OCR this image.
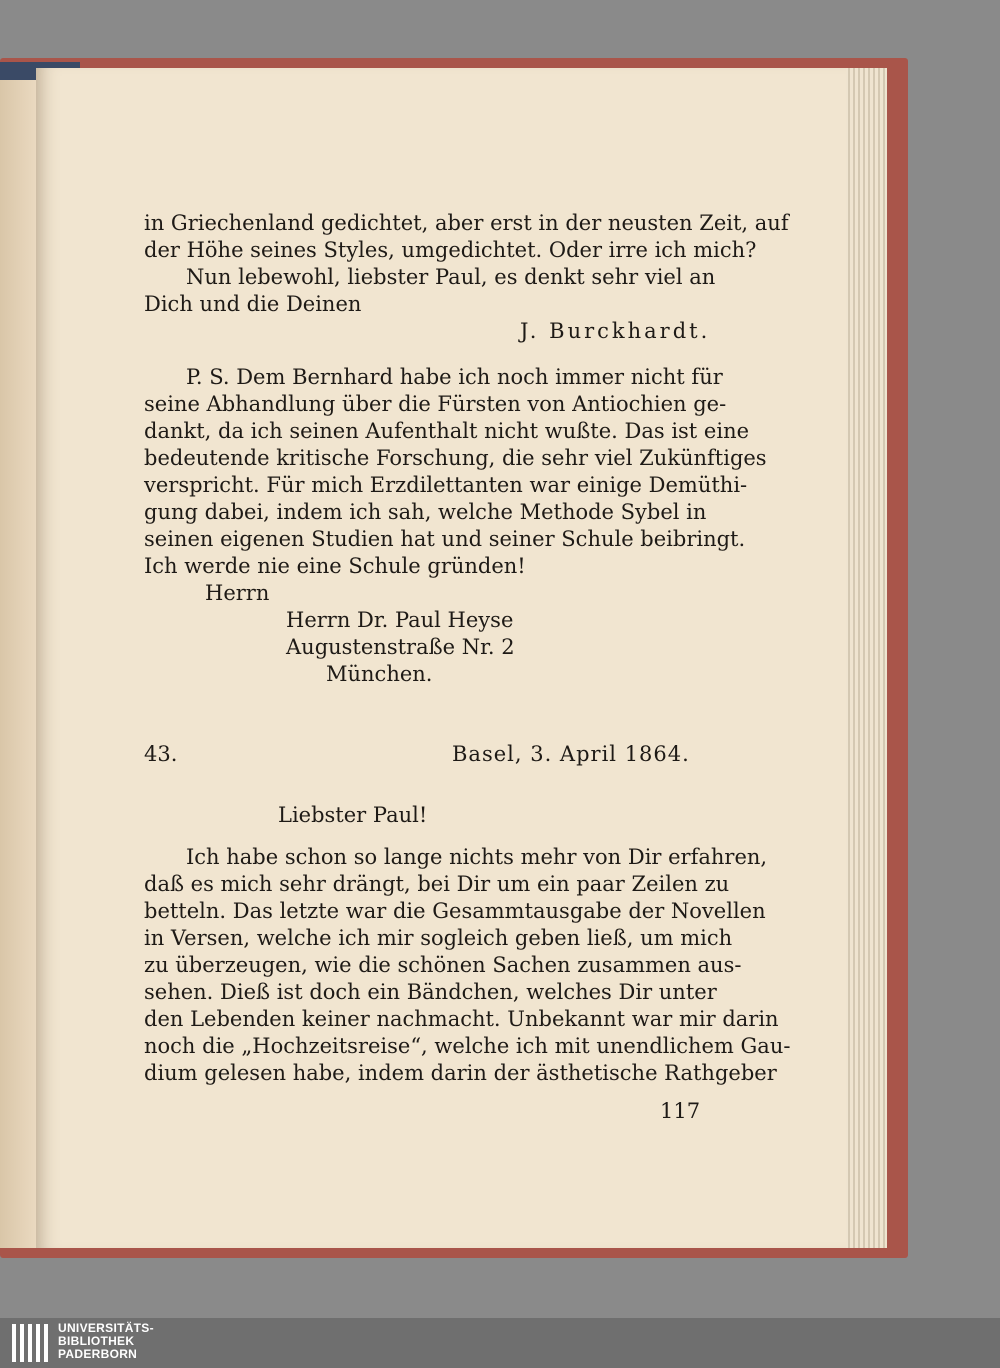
in Griechenland gedichtet, aber erst in der neusten Zeit, auf
der Höhe seines Styles, umgedichtet. Oder irre ich mich?
Nun lebewohl, liebster Paul, es denkt sehr viel an
Dich und die Deinen
J. Burckhardt.
P. S. Dem Bernhard habe ich noch immer nicht für
seine Abhandlung über die Fürsten von Antiochien ge-
dankt, da ich seinen Aufenthalt nicht wußte. Das ist eine
bedeutende kritische Forschung, die sehr viel Zukünftiges
verspricht. Für mich Erzdilettanten war einige Demüthi-
gung dabei, indem ich sah, welche Methode Sybel in
seinen eigenen Studien hat und seiner Schule beibringt.
Ich werde nie eine Schule gründen!
Herrn
Herrn Dr. Paul Heyse
Augustenstraße Nr. 2
München.
43.	Basel, 3. April 1864.
Liebster Paul!
Ich habe schon so lange nichts mehr von Dir erfahren,
daß es mich sehr drängt, bei Dir um ein paar Zeilen zu
betteln. Das letzte war die Gesammtausgabe der Novellen
in Versen, welche ich mir sogleich geben ließ, um mich
zu überzeugen, wie die schönen Sachen zusammen aus-
sehen. Dieß ist doch ein Bändchen, welches Dir unter
den Lebenden keiner nachmacht. Unbekannt war mir darin
noch die „Hochzeitsreise“, welche ich mit unendlichem Gau-
dium gelesen habe, indem darin der ästhetische Rathgeber
117
UNIVERSITÄTS-
BIBLIOTHEK
PADERBORN
